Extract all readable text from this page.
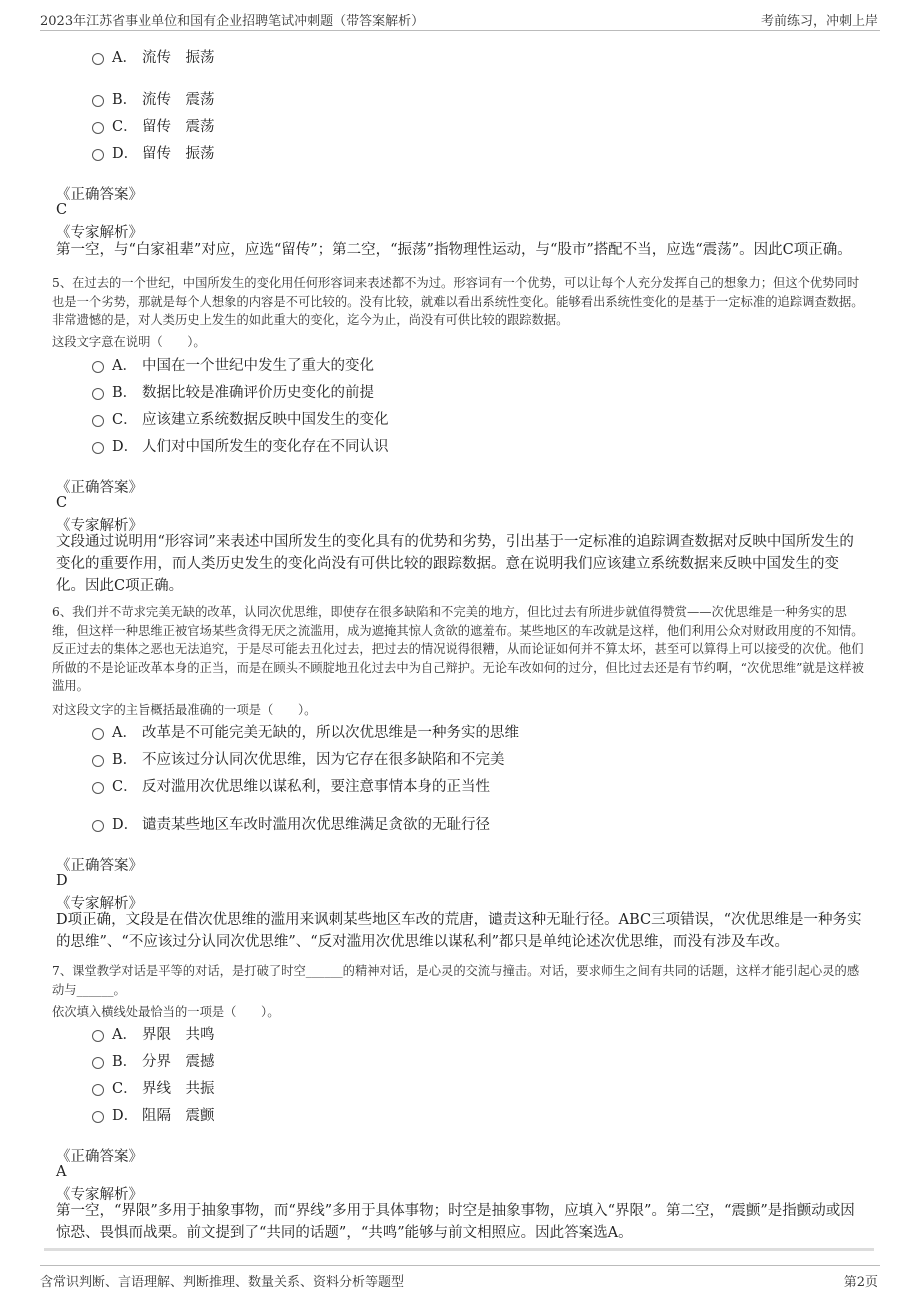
2023年江苏省事业单位和国有企业招聘笔试冲刺题（带答案解析）	考前练习，冲刺上岸
A． 流传　振荡
B． 流传　震荡
C． 留传　震荡
D． 留传　振荡
《正确答案》
C
《专家解析》
第一空，与“白家祖辈”对应，应选“留传”；第二空，“振荡”指物理性运动，与“股市”搭配不当，应选“震荡”。因此C项正确。
5、在过去的一个世纪，中国所发生的变化用任何形容词来表述都不为过。形容词有一个优势，可以让每个人充分发挥自己的想象力；但这个优势同时也是一个劣势，那就是每个人想象的内容是不可比较的。没有比较，就难以看出系统性变化。能够看出系统性变化的是基于一定标准的追踪调查数据。非常遗憾的是，对人类历史上发生的如此重大的变化，迄今为止，尚没有可供比较的跟踪数据。
这段文字意在说明（　　）。
A． 中国在一个世纪中发生了重大的变化
B． 数据比较是准确评价历史变化的前提
C． 应该建立系统数据反映中国发生的变化
D． 人们对中国所发生的变化存在不同认识
《正确答案》
C
《专家解析》
文段通过说明用“形容词”来表述中国所发生的变化具有的优势和劣势，引出基于一定标准的追踪调查数据对反映中国所发生的变化的重要作用，而人类历史发生的变化尚没有可供比较的跟踪数据。意在说明我们应该建立系统数据来反映中国发生的变化。因此C项正确。
6、我们并不苛求完美无缺的改革，认同次优思维，即使存在很多缺陷和不完美的地方，但比过去有所进步就值得赞赏——次优思维是一种务实的思维，但这样一种思维正被官场某些贪得无厌之流滥用，成为遮掩其惊人贪欲的遮羞布。某些地区的车改就是这样，他们利用公众对财政用度的不知情。反正过去的集体之恶也无法追究，于是尽可能去丑化过去，把过去的情况说得很糟，从而论证如何并不算太坏，甚至可以算得上可以接受的次优。他们所做的不是论证改革本身的正当，而是在顾头不顾腚地丑化过去中为自己辩护。无论车改如何的过分，但比过去还是有节约啊，“次优思维”就是这样被滥用。
对这段文字的主旨概括最准确的一项是（　　）。
A． 改革是不可能完美无缺的，所以次优思维是一种务实的思维
B． 不应该过分认同次优思维，因为它存在很多缺陷和不完美
C． 反对滥用次优思维以谋私利，要注意事情本身的正当性
D． 谴责某些地区车改时滥用次优思维满足贪欲的无耻行径
《正确答案》
D
《专家解析》
D项正确，文段是在借次优思维的滥用来讽刺某些地区车改的荒唐，谴责这种无耻行径。ABC三项错误，“次优思维是一种务实的思维”、“不应该过分认同次优思维”、“反对滥用次优思维以谋私利”都只是单纯论述次优思维，而没有涉及车改。
7、课堂教学对话是平等的对话，是打破了时空______的精神对话，是心灵的交流与撞击。对话，要求师生之间有共同的话题，这样才能引起心灵的感动与______。
依次填入横线处最恰当的一项是（　　）。
A． 界限　共鸣
B． 分界　震撼
C． 界线　共振
D． 阻隔　震颤
《正确答案》
A
《专家解析》
第一空，“界限”多用于抽象事物，而“界线”多用于具体事物；时空是抽象事物，应填入“界限”。第二空，“震颤”是指颤动或因惊恐、畏惧而战栗。前文提到了“共同的话题”，“共鸣”能够与前文相照应。因此答案选A。
含常识判断、言语理解、判断推理、数量关系、资料分析等题型	第2页
